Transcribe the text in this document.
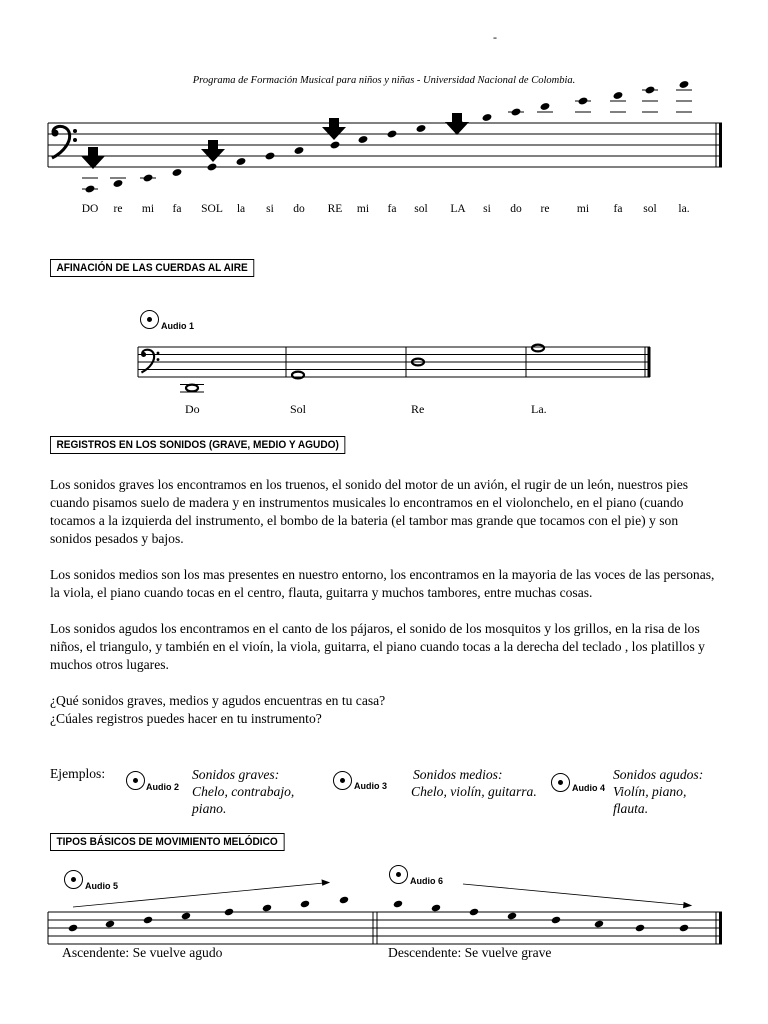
-
Programa de Formación Musical para niños y niñas - Universidad Nacional de Colombia.
DO	re	mi	fa	SOL	la	si	do	RE	mi	fa	sol LA	si	do	re	mi	fa	sol	la.
AFINACIÓN DE LAS CUERDAS AL AIRE
Audio 1
Do	Sol	Re	La.
REGISTROS EN LOS SONIDOS (GRAVE, MEDIO Y AGUDO)

Los sonidos graves los encontramos en los truenos, el sonido del motor de un avión, el rugir de un león, nuestros pies cuando pisamos suelo de madera y en instrumentos musicales lo encontramos en el violonchelo, en el piano (cuando tocamos a la izquierda del instrumento, el bombo de la bateria (el tambor mas grande que tocamos con el pie) y son sonidos pesados y bajos.

Los sonidos medios son los mas presentes en nuestro entorno, los encontramos en la mayoria de las voces de las personas, la viola, el piano cuando tocas en el centro, flauta, guitarra y muchos tambores, entre muchas cosas.

Los sonidos agudos los encontramos en el canto de los pájaros, el sonido de los mosquitos y los grillos, en la risa de los niños, el triangulo, y también en el vioín, la viola, guitarra, el piano cuando tocas a la derecha del teclado , los platillos y muchos otros lugares.

¿Qué sonidos graves, medios y agudos encuentras en tu casa?

¿Cúales registros puedes hacer en tu instrumento?

Ejemplos:
Audio 2
Sonidos graves:
Chelo, contrabajo,
piano.
Audio 3
Sonidos medios:
Chelo, violín, guitarra.	Audio 4
Sonidos agudos:
Violín, piano,
flauta.
TIPOS BÁSICOS DE MOVIMIENTO MELÓDICO
Audio 5	Audio 6
Ascendente: Se vuelve agudo	Descendente: Se vuelve grave
